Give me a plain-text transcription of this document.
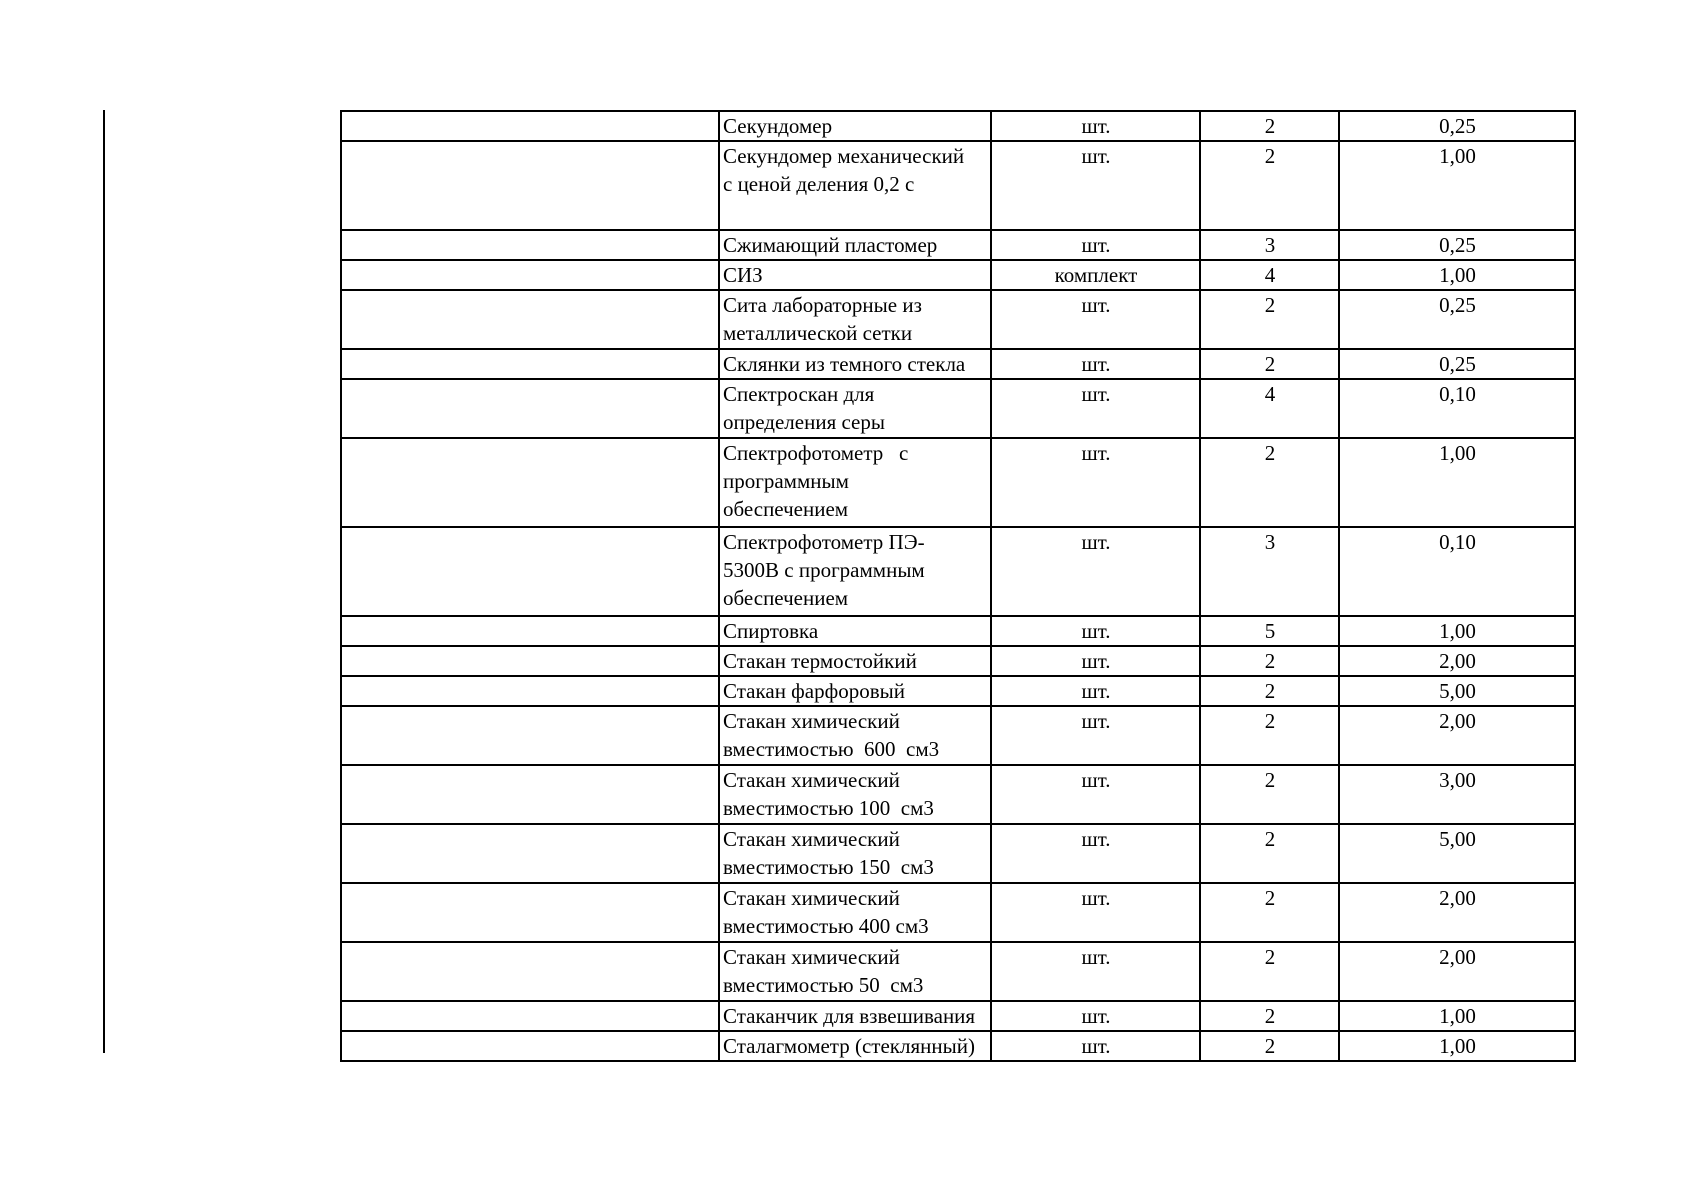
	Секундомер	шт.	2	0,25
	Секундомер механический
с ценой деления 0,2 с	шт.	2	1,00
	Сжимающий пластомер	шт.	3	0,25
	СИЗ	комплект	4	1,00
	Сита лабораторные из
металлической сетки	шт.	2	0,25
	Склянки из темного стекла	шт.	2	0,25
	Спектроскан для
определения серы	шт.	4	0,10
	Спектрофотометр   с
программным
обеспечением	шт.	2	1,00
	Спектрофотометр ПЭ-
5300В с программным
обеспечением	шт.	3	0,10
	Спиртовка	шт.	5	1,00
	Стакан термостойкий	шт.	2	2,00
	Стакан фарфоровый	шт.	2	5,00
	Стакан химический
вместимостью  600  см3	шт.	2	2,00
	Стакан химический
вместимостью 100  см3	шт.	2	3,00
	Стакан химический
вместимостью 150  см3	шт.	2	5,00
	Стакан химический
вместимостью 400 см3	шт.	2	2,00
	Стакан химический
вместимостью 50  см3	шт.	2	2,00
	Стаканчик для взвешивания	шт.	2	1,00
	Сталагмометр (стеклянный)	шт.	2	1,00
